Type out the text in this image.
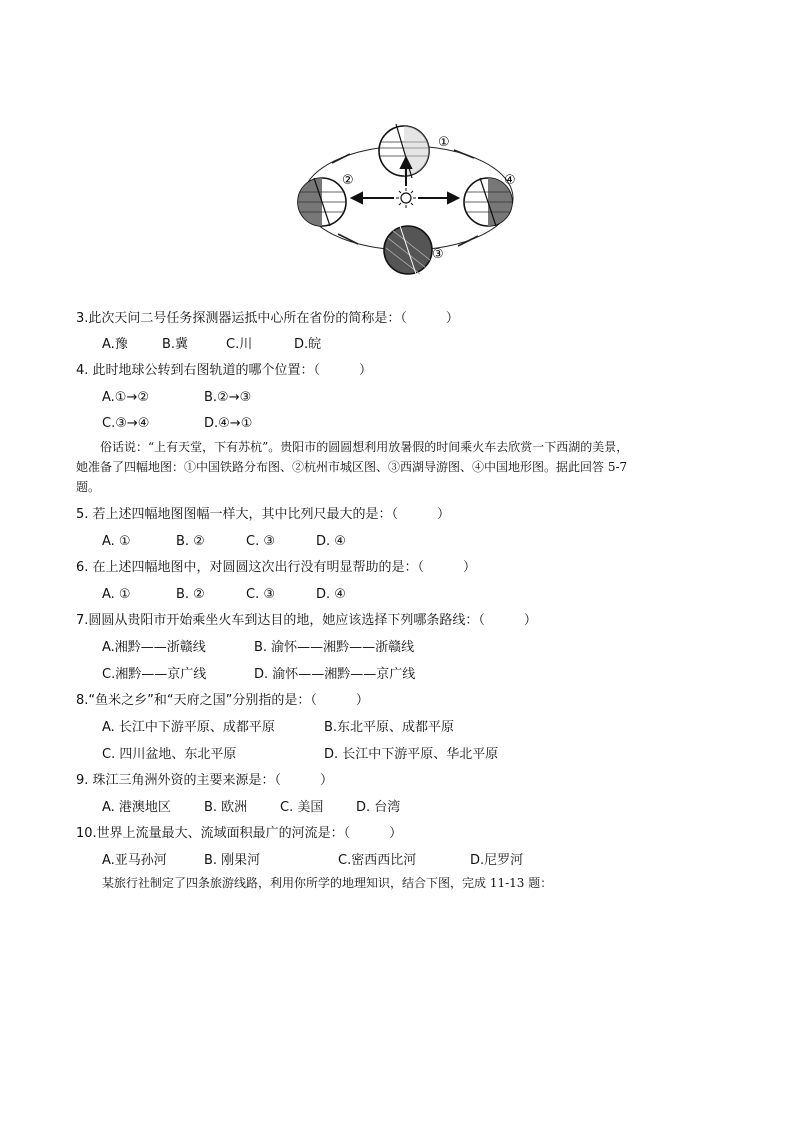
①
②	④
③
3.此次天问二号任务探测器运抵中心所在省份的简称是：（　　　）
A.豫	B.冀	C.川	D.皖
4. 此时地球公转到右图轨道的哪个位置：（　　　）
A.①→②	B.②→③
C.③→④	D.④→①
俗话说：“上有天堂，下有苏杭”。贵阳市的圆圆想利用放暑假的时间乘火车去欣赏一下西湖的美景，
她准备了四幅地图：①中国铁路分布图、②杭州市城区图、③西湖导游图、④中国地形图。据此回答 5-7
题。
5. 若上述四幅地图图幅一样大，其中比列尺最大的是：（　　　）
A. ①	B. ②	C. ③	D. ④
6. 在上述四幅地图中，对圆圆这次出行没有明显帮助的是：（　　　）
A. ①	B. ②	C. ③	D. ④
7.圆圆从贵阳市开始乘坐火车到达目的地，她应该选择下列哪条路线：（　　　）
A.湘黔——浙赣线	B. 渝怀——湘黔——浙赣线
C.湘黔——京广线	D. 渝怀——湘黔——京广线
8.“鱼米之乡”和“天府之国”分别指的是：（　　　）
A. 长江中下游平原、成都平原	B.东北平原、成都平原
C. 四川盆地、东北平原	D. 长江中下游平原、华北平原
9. 珠江三角洲外资的主要来源是：（　　　）
A. 港澳地区	B. 欧洲	C. 美国	D. 台湾
10.世界上流量最大、流域面积最广的河流是：（　　　）
A.亚马孙河	B. 刚果河	C.密西西比河	D.尼罗河
某旅行社制定了四条旅游线路，利用你所学的地理知识，结合下图，完成 11-13 题：
